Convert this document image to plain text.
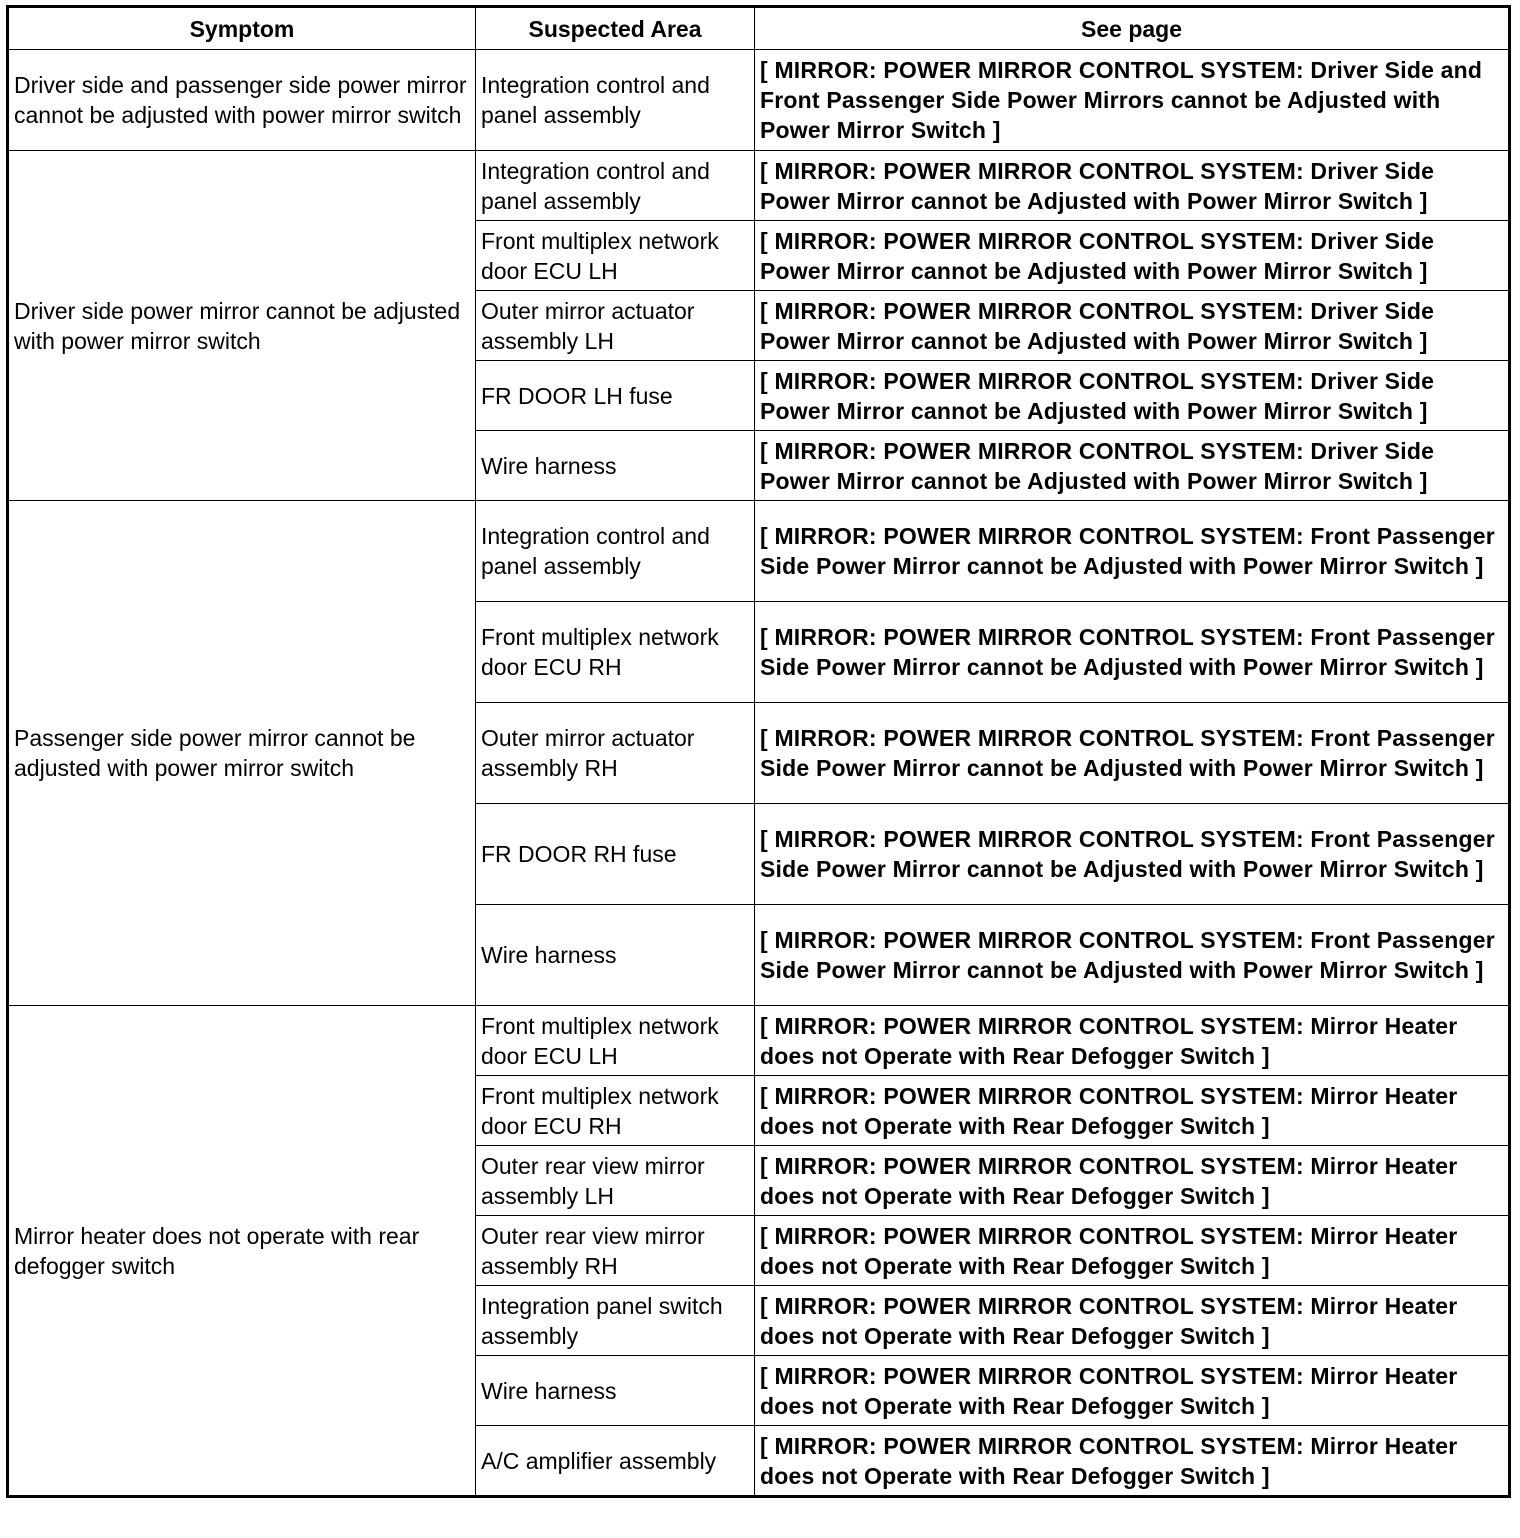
Symptom	Suspected Area	See page
Driver side and passenger side power mirror cannot be adjusted with power mirror switch	Integration control and panel assembly	[ MIRROR: POWER MIRROR CONTROL SYSTEM: Driver Side and Front Passenger Side Power Mirrors cannot be Adjusted with Power Mirror Switch ]
Driver side power mirror cannot be adjusted with power mirror switch	Integration control and panel assembly	[ MIRROR: POWER MIRROR CONTROL SYSTEM: Driver Side Power Mirror cannot be Adjusted with Power Mirror Switch ]
	Front multiplex network door ECU LH	[ MIRROR: POWER MIRROR CONTROL SYSTEM: Driver Side Power Mirror cannot be Adjusted with Power Mirror Switch ]
	Outer mirror actuator assembly LH	[ MIRROR: POWER MIRROR CONTROL SYSTEM: Driver Side Power Mirror cannot be Adjusted with Power Mirror Switch ]
	FR DOOR LH fuse	[ MIRROR: POWER MIRROR CONTROL SYSTEM: Driver Side Power Mirror cannot be Adjusted with Power Mirror Switch ]
	Wire harness	[ MIRROR: POWER MIRROR CONTROL SYSTEM: Driver Side Power Mirror cannot be Adjusted with Power Mirror Switch ]
Passenger side power mirror cannot be adjusted with power mirror switch	Integration control and panel assembly	[ MIRROR: POWER MIRROR CONTROL SYSTEM: Front Passenger Side Power Mirror cannot be Adjusted with Power Mirror Switch ]
	Front multiplex network door ECU RH	[ MIRROR: POWER MIRROR CONTROL SYSTEM: Front Passenger Side Power Mirror cannot be Adjusted with Power Mirror Switch ]
	Outer mirror actuator assembly RH	[ MIRROR: POWER MIRROR CONTROL SYSTEM: Front Passenger Side Power Mirror cannot be Adjusted with Power Mirror Switch ]
	FR DOOR RH fuse	[ MIRROR: POWER MIRROR CONTROL SYSTEM: Front Passenger Side Power Mirror cannot be Adjusted with Power Mirror Switch ]
	Wire harness	[ MIRROR: POWER MIRROR CONTROL SYSTEM: Front Passenger Side Power Mirror cannot be Adjusted with Power Mirror Switch ]
Mirror heater does not operate with rear defogger switch	Front multiplex network door ECU LH	[ MIRROR: POWER MIRROR CONTROL SYSTEM: Mirror Heater does not Operate with Rear Defogger Switch ]
	Front multiplex network door ECU RH	[ MIRROR: POWER MIRROR CONTROL SYSTEM: Mirror Heater does not Operate with Rear Defogger Switch ]
	Outer rear view mirror assembly LH	[ MIRROR: POWER MIRROR CONTROL SYSTEM: Mirror Heater does not Operate with Rear Defogger Switch ]
	Outer rear view mirror assembly RH	[ MIRROR: POWER MIRROR CONTROL SYSTEM: Mirror Heater does not Operate with Rear Defogger Switch ]
	Integration panel switch assembly	[ MIRROR: POWER MIRROR CONTROL SYSTEM: Mirror Heater does not Operate with Rear Defogger Switch ]
	Wire harness	[ MIRROR: POWER MIRROR CONTROL SYSTEM: Mirror Heater does not Operate with Rear Defogger Switch ]
	A/C amplifier assembly	[ MIRROR: POWER MIRROR CONTROL SYSTEM: Mirror Heater does not Operate with Rear Defogger Switch ]
